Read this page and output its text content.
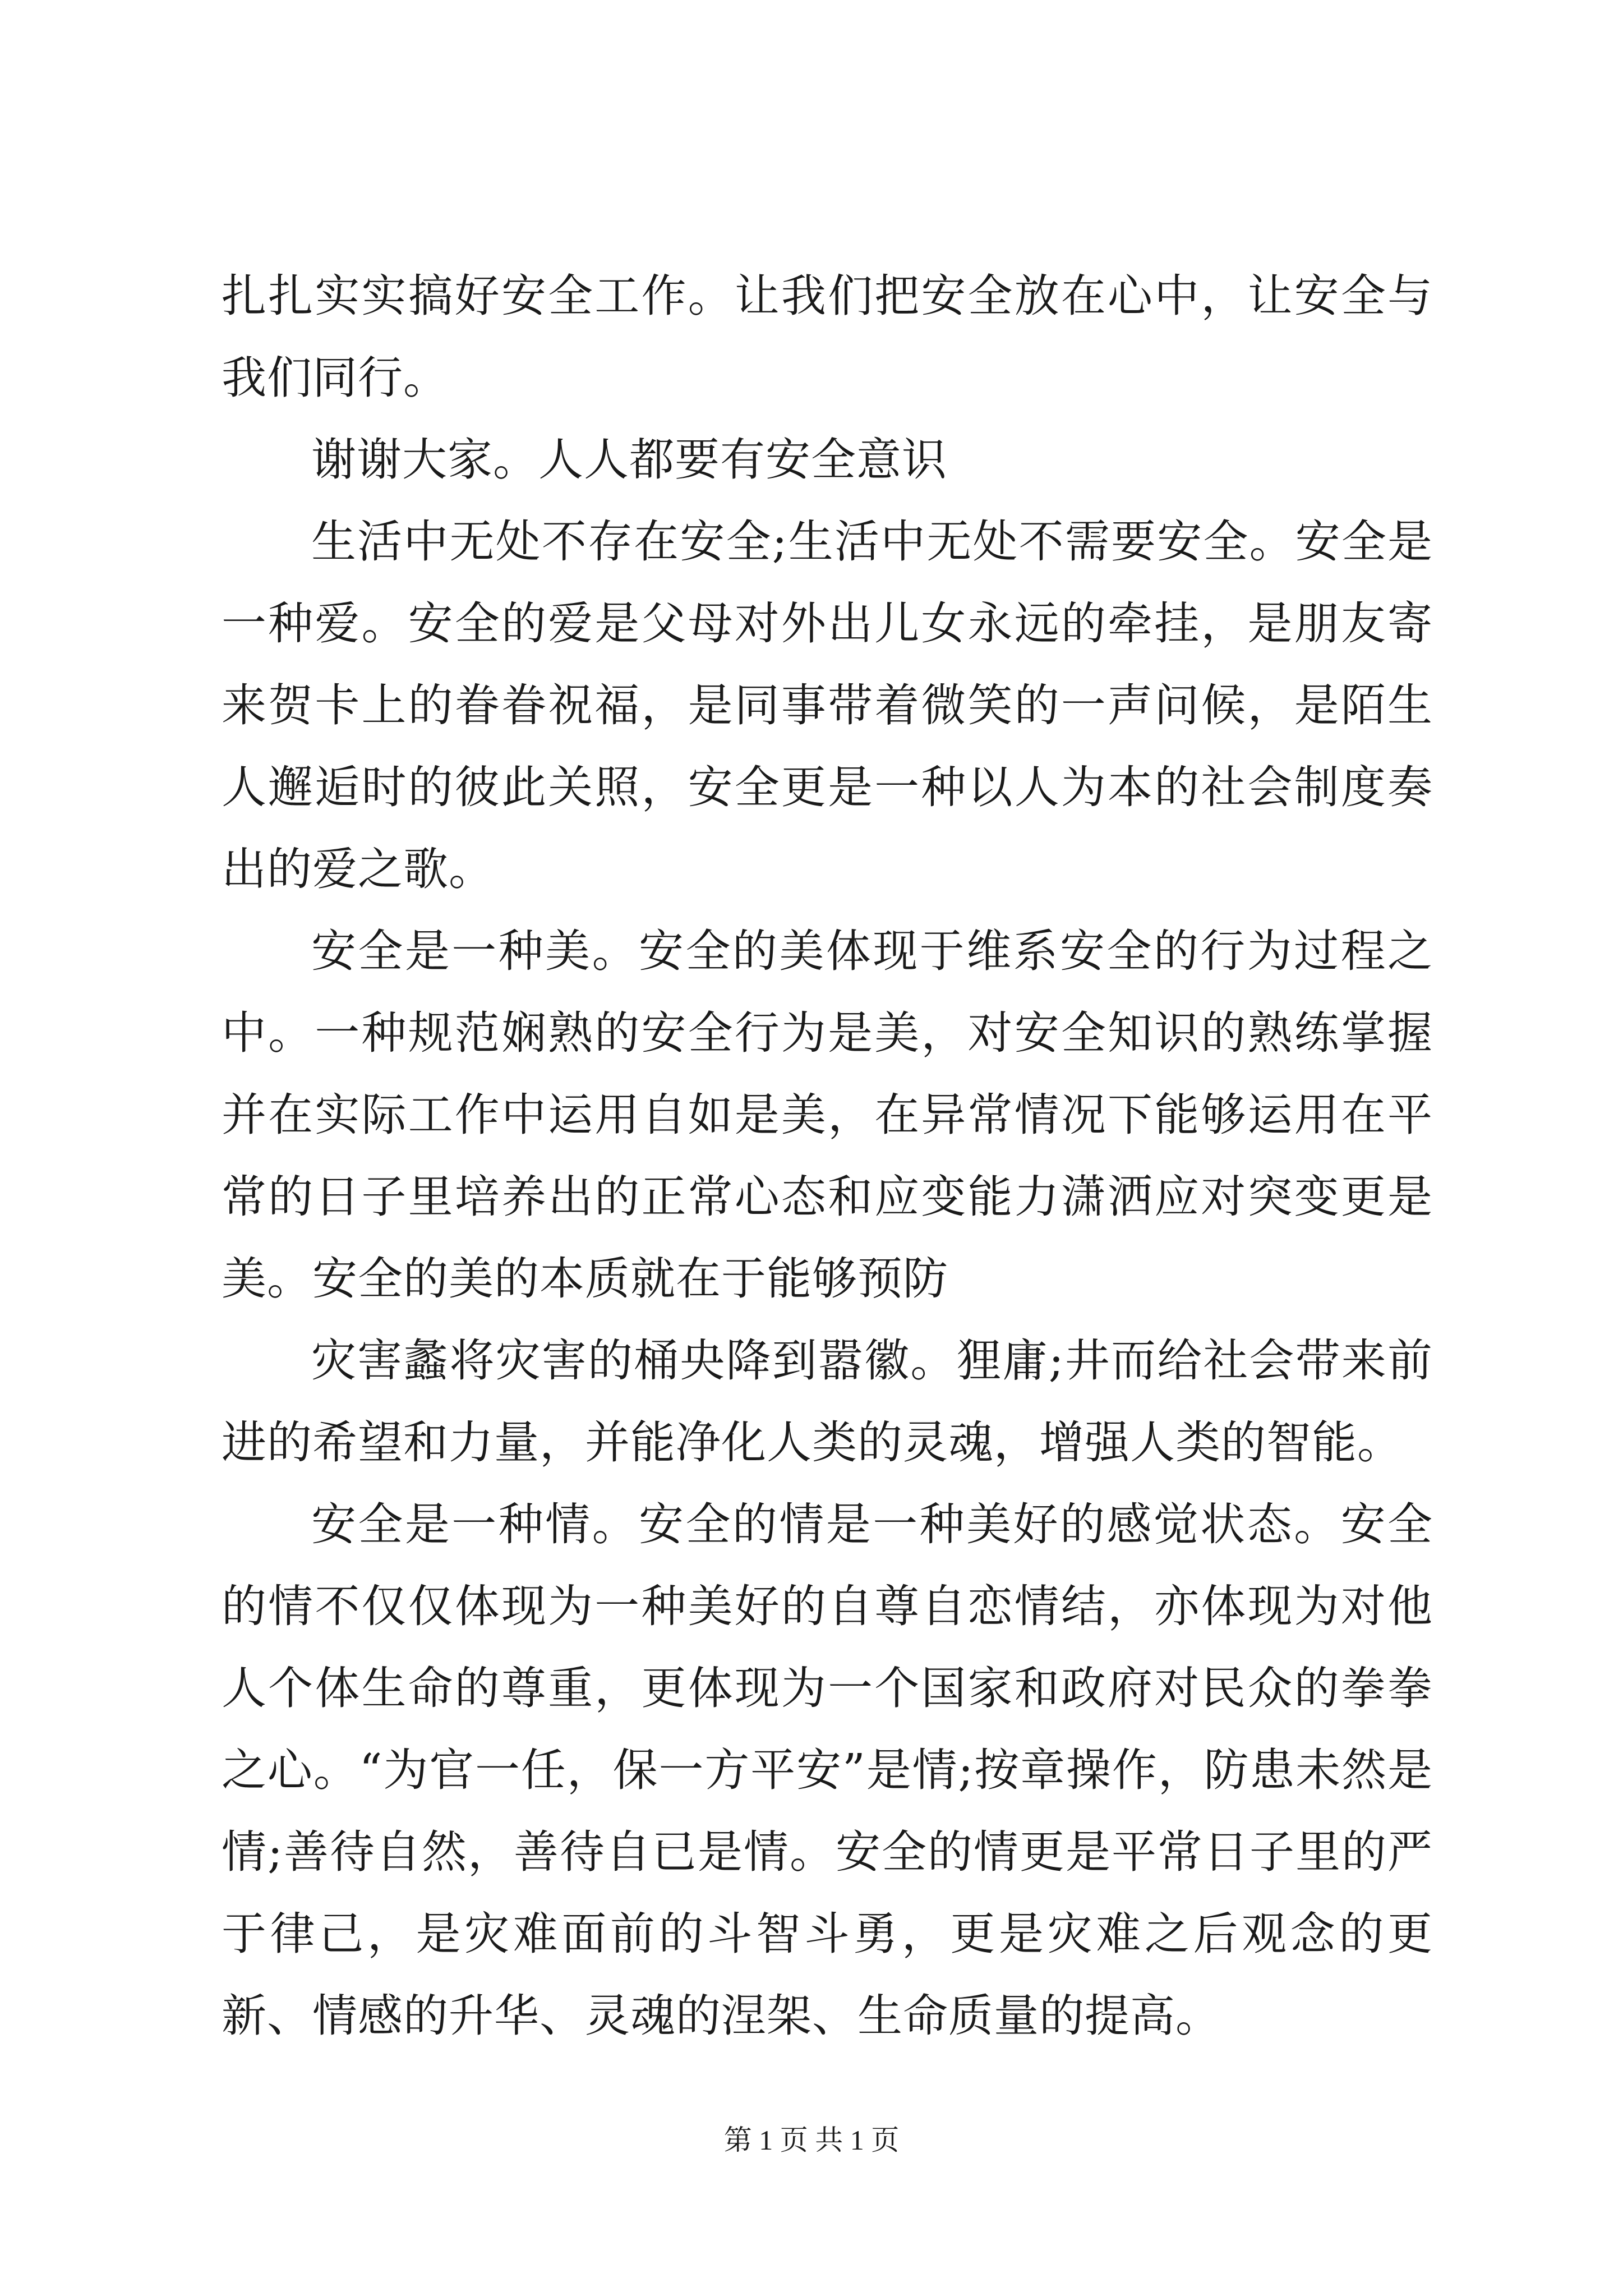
扎扎实实搞好安全工作。让我们把安全放在心中，让安全与我们同行。

谢谢大家。人人都要有安全意识

生活中无处不存在安全;生活中无处不需要安全。安全是一种爱。安全的爱是父母对外出儿女永远的牵挂，是朋友寄来贺卡上的眷眷祝福，是同事带着微笑的一声问候，是陌生人邂逅时的彼此关照，安全更是一种以人为本的社会制度奏出的爱之歌。

安全是一种美。安全的美体现于维系安全的行为过程之中。一种规范娴熟的安全行为是美，对安全知识的熟练掌握并在实际工作中运用自如是美，在异常情况下能够运用在平常的日子里培养出的正常心态和应变能力潇洒应对突变更是美。安全的美的本质就在于能够预防

灾害蠡将灾害的桶央降到嚣徽。狸庸;井而给社会带来前进的希望和力量，并能净化人类的灵魂，增强人类的智能。

安全是一种情。安全的情是一种美好的感觉状态。安全的情不仅仅体现为一种美好的自尊自恋情结，亦体现为对他人个体生命的尊重，更体现为一个国家和政府对民众的拳拳之心。“为官一任，保一方平安”是情;按章操作，防患未然是情;善待自然，善待自已是情。安全的情更是平常日子里的严于律己，是灾难面前的斗智斗勇，更是灾难之后观念的更新、情感的升华、灵魂的涅架、生命质量的提高。

第 1 页 共 1 页
